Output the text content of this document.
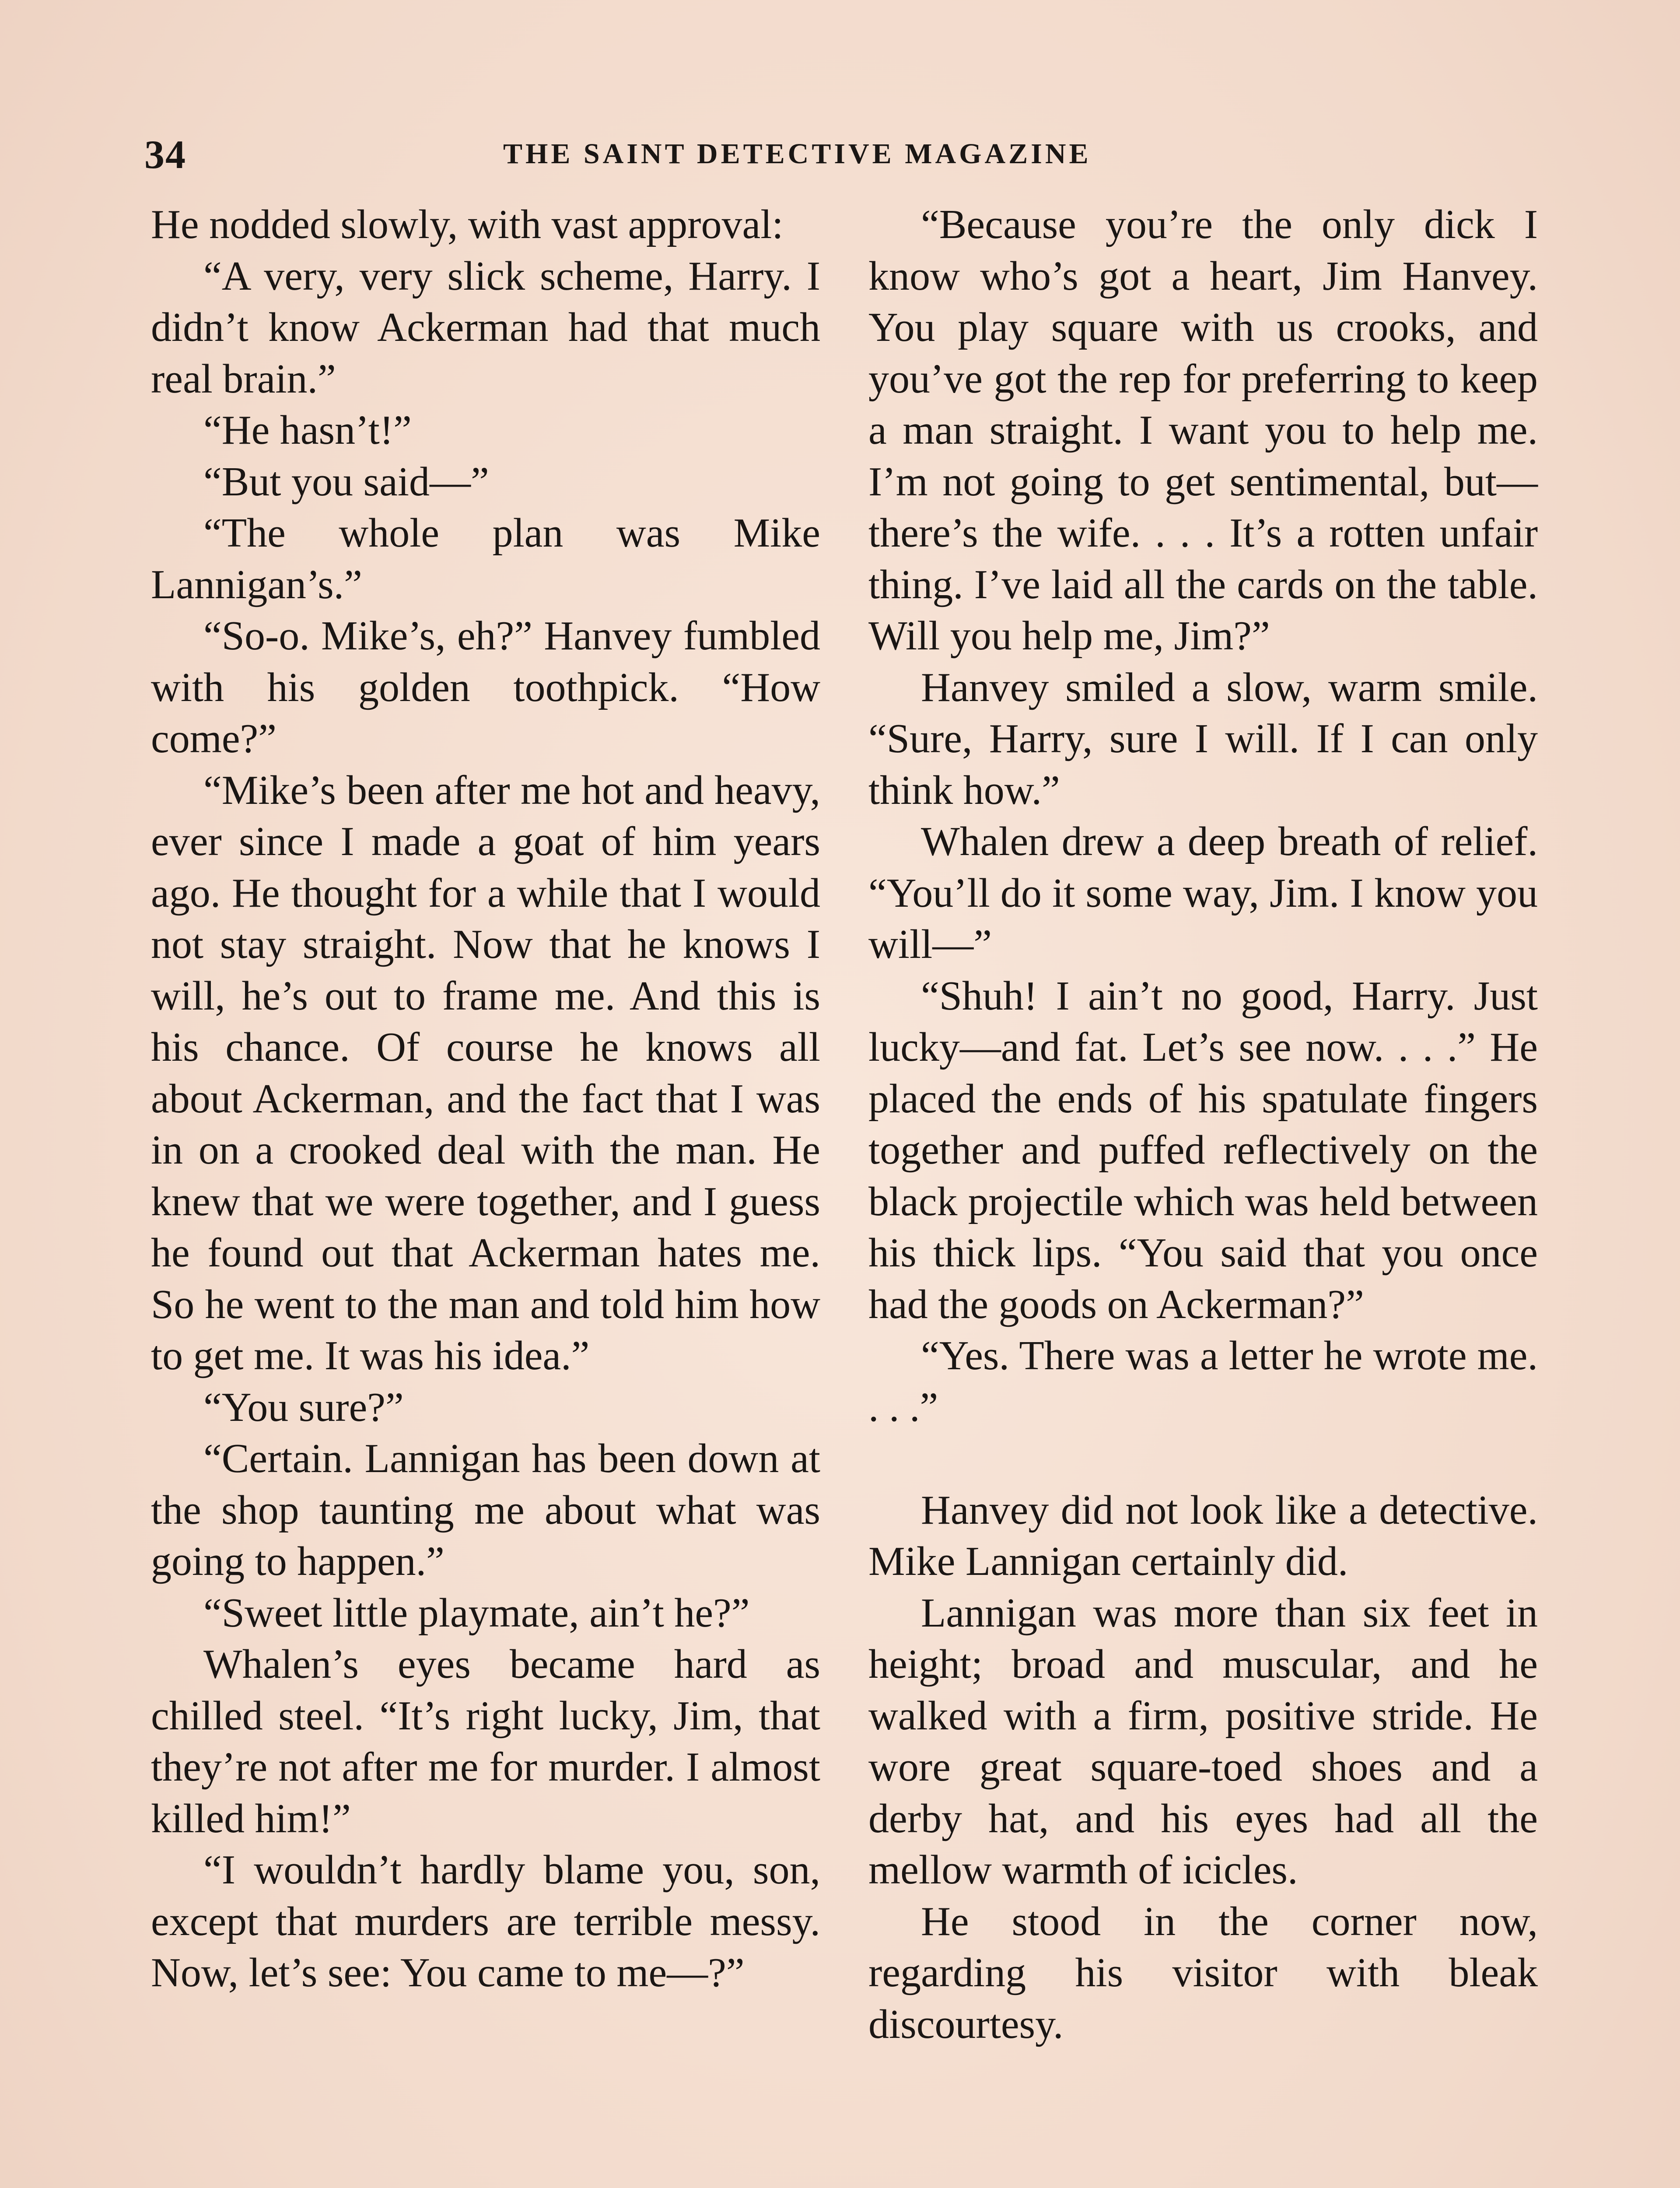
34	THE SAINT DETECTIVE MAGAZINE

He nodded slowly, with vast approval:

“A very, very slick scheme, Harry. I didn’t know Ackerman had that much real brain.”

“He hasn’t!”

“But you said—”

“The whole plan was Mike Lannigan’s.”

“So-o. Mike’s, eh?” Hanvey fumbled with his golden toothpick. “How come?”

“Mike’s been after me hot and heavy, ever since I made a goat of him years ago. He thought for a while that I would not stay straight. Now that he knows I will, he’s out to frame me. And this is his chance. Of course he knows all about Ackerman, and the fact that I was in on a crooked deal with the man. He knew that we were together, and I guess he found out that Ackerman hates me. So he went to the man and told him how to get me. It was his idea.”

“You sure?”

“Certain. Lannigan has been down at the shop taunting me about what was going to happen.”

“Sweet little playmate, ain’t he?”

Whalen’s eyes became hard as chilled steel. “It’s right lucky, Jim, that they’re not after me for murder. I almost killed him!”

“I wouldn’t hardly blame you, son, except that murders are terrible messy. Now, let’s see: You came to me—?”

“Because you’re the only dick I know who’s got a heart, Jim Hanvey. You play square with us crooks, and you’ve got the rep for preferring to keep a man straight. I want you to help me. I’m not going to get sentimental, but—there’s the wife. . . . It’s a rotten unfair thing. I’ve laid all the cards on the table. Will you help me, Jim?”

Hanvey smiled a slow, warm smile. “Sure, Harry, sure I will. If I can only think how.”

Whalen drew a deep breath of relief. “You’ll do it some way, Jim. I know you will—”

“Shuh! I ain’t no good, Harry. Just lucky—and fat. Let’s see now. . . .” He placed the ends of his spatulate fingers together and puffed reflectively on the black projectile which was held between his thick lips. “You said that you once had the goods on Ackerman?”

“Yes. There was a letter he wrote me. . . .”

Hanvey did not look like a detective. Mike Lannigan certainly did.

Lannigan was more than six feet in height; broad and muscular, and he walked with a firm, positive stride. He wore great square-toed shoes and a derby hat, and his eyes had all the mellow warmth of icicles.

He stood in the corner now, regarding his visitor with bleak discourtesy.
